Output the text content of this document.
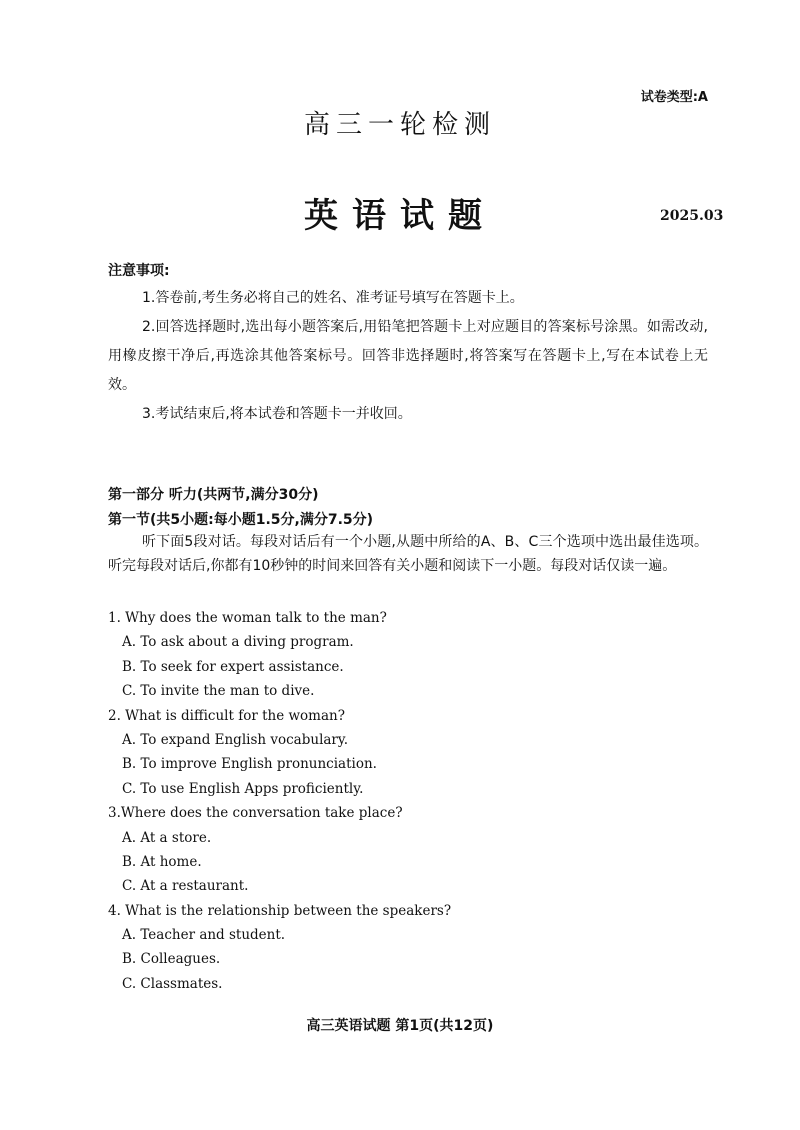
试卷类型:A
高三一轮检测
英语试题	2025.03
注意事项:
1.答卷前,考生务必将自己的姓名、准考证号填写在答题卡上。
2.回答选择题时,选出每小题答案后,用铅笔把答题卡上对应题目的答案标号涂黑。如需改动,用橡皮擦干净后,再选涂其他答案标号。回答非选择题时,将答案写在答题卡上,写在本试卷上无效。
3.考试结束后,将本试卷和答题卡一并收回。
第一部分 听力(共两节,满分30分)
第一节(共5小题:每小题1.5分,满分7.5分)
听下面5段对话。每段对话后有一个小题,从题中所给的A、B、C三个选项中选出最佳选项。听完每段对话后,你都有10秒钟的时间来回答有关小题和阅读下一小题。每段对话仅读一遍。
1. Why does the woman talk to the man?
A. To ask about a diving program.
B. To seek for expert assistance.
C. To invite the man to dive.
2. What is difficult for the woman?
A. To expand English vocabulary.
B. To improve English pronunciation.
C. To use English Apps proficiently.
3.Where does the conversation take place?
A. At a store.
B. At home.
C. At a restaurant.
4. What is the relationship between the speakers?
A. Teacher and student.
B. Colleagues.
C. Classmates.
高三英语试题 第1页(共12页)
